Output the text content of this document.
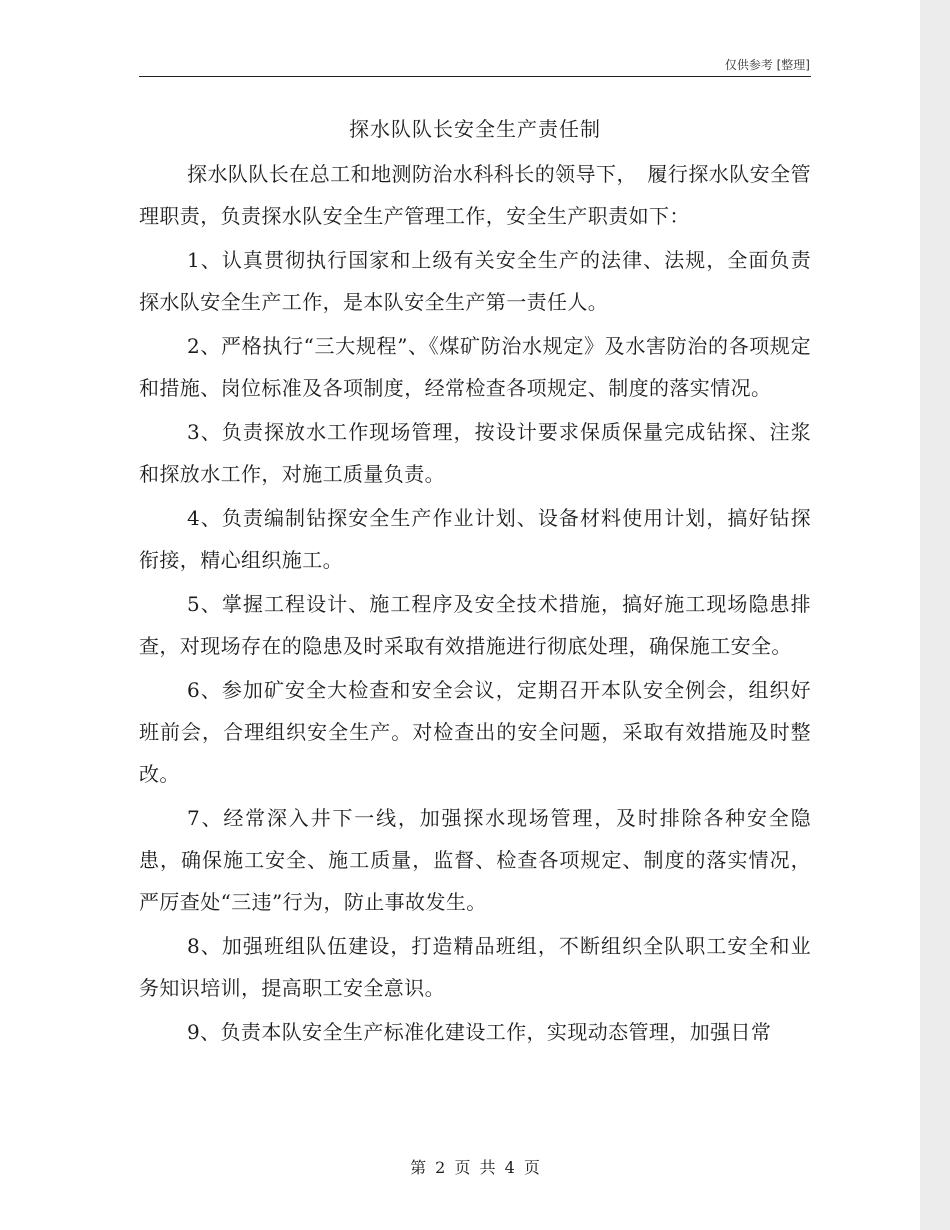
仅供参考 [整理]
探水队队长安全生产责任制

探水队队长在总工和地测防治水科科长的领导下，　履行探水队安全管理职责，负责探水队安全生产管理工作，安全生产职责如下：

1、认真贯彻执行国家和上级有关安全生产的法律、法规，全面负责探水队安全生产工作，是本队安全生产第一责任人。

2、严格执行“三大规程”、《煤矿防治水规定》及水害防治的各项规定和措施、岗位标准及各项制度，经常检查各项规定、制度的落实情况。

3、负责探放水工作现场管理，按设计要求保质保量完成钻探、注浆和探放水工作，对施工质量负责。

4、负责编制钻探安全生产作业计划、设备材料使用计划，搞好钻探衔接，精心组织施工。

5、掌握工程设计、施工程序及安全技术措施，搞好施工现场隐患排查，对现场存在的隐患及时采取有效措施进行彻底处理，确保施工安全。

6、参加矿安全大检查和安全会议，定期召开本队安全例会，组织好班前会，合理组织安全生产。对检查出的安全问题，采取有效措施及时整改。

7、经常深入井下一线，加强探水现场管理，及时排除各种安全隐患，确保施工安全、施工质量，监督、检查各项规定、制度的落实情况，严厉查处“三违”行为，防止事故发生。

8、加强班组队伍建设，打造精品班组，不断组织全队职工安全和业务知识培训，提高职工安全意识。

9、负责本队安全生产标准化建设工作，实现动态管理，加强日常

第 2 页 共 4 页
